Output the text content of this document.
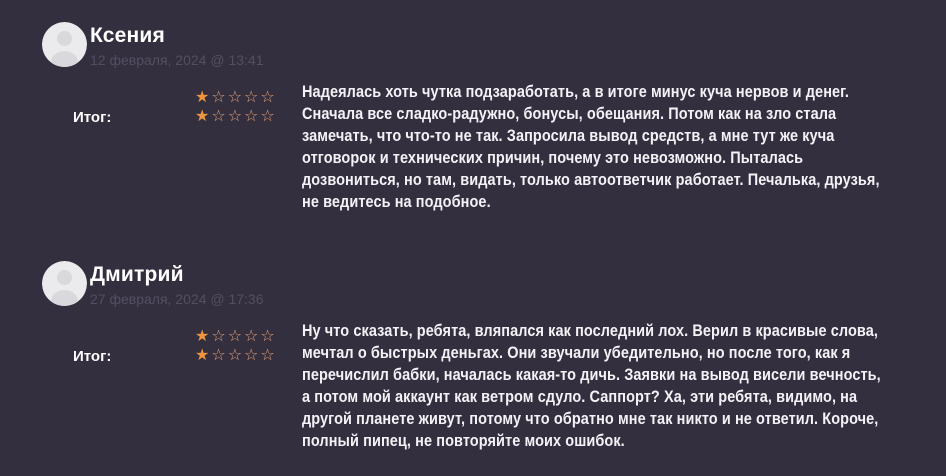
Ксения
12 февраля, 2024 @ 13:41
★☆☆☆☆
Итог:	★☆☆☆☆
Надеялась хоть чутка подзаработать, а в итоге минус куча нервов и денег. Сначала все сладко-радужно, бонусы, обещания. Потом как на зло стала замечать, что что-то не так. Запросила вывод средств, а мне тут же куча отговорок и технических причин, почему это невозможно. Пыталась дозвониться, но там, видать, только автоответчик работает. Печалька, друзья, не ведитесь на подобное.
Дмитрий
27 февраля, 2024 @ 17:36
★☆☆☆☆
Итог:	★☆☆☆☆
Ну что сказать, ребята, вляпался как последний лох. Верил в красивые слова, мечтал о быстрых деньгах. Они звучали убедительно, но после того, как я перечислил бабки, началась какая-то дичь. Заявки на вывод висели вечность, а потом мой аккаунт как ветром сдуло. Саппорт? Ха, эти ребята, видимо, на другой планете живут, потому что обратно мне так никто и не ответил. Короче, полный пипец, не повторяйте моих ошибок.
